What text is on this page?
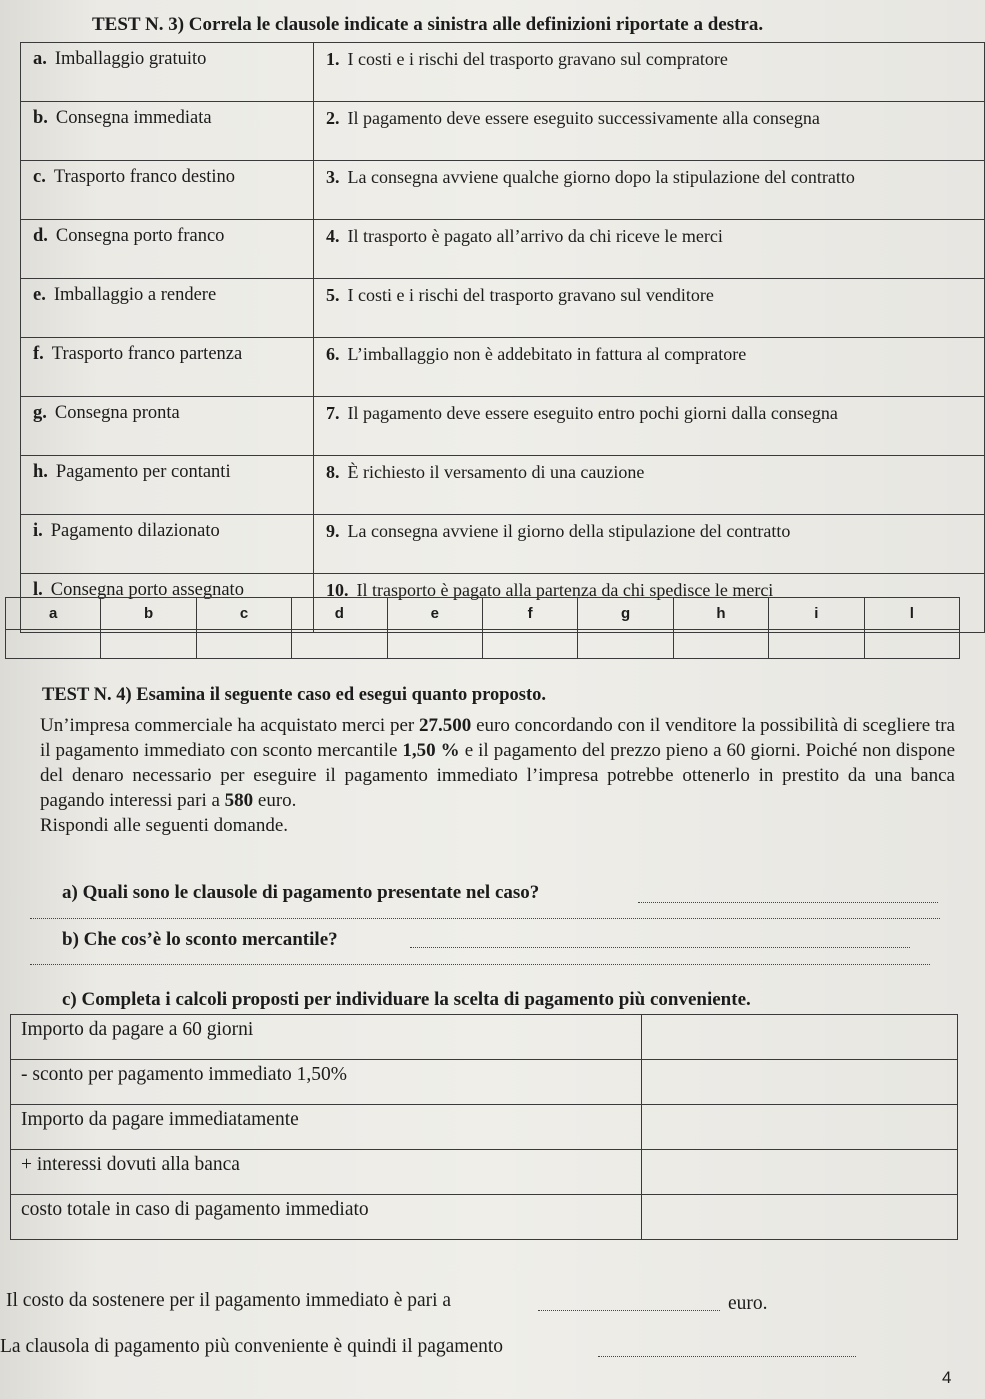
TEST N. 3) Correla le clausole indicate a sinistra alle definizioni riportate a destra.
a. Imballaggio gratuito	1. I costi e i rischi del trasporto gravano sul compratore
b. Consegna immediata	2. Il pagamento deve essere eseguito successivamente alla consegna
c. Trasporto franco destino	3. La consegna avviene qualche giorno dopo la stipulazione del contratto
d. Consegna porto franco	4. Il trasporto è pagato all’arrivo da chi riceve le merci
e. Imballaggio a rendere	5. I costi e i rischi del trasporto gravano sul venditore
f. Trasporto franco partenza	6. L’imballaggio non è addebitato in fattura al compratore
g. Consegna pronta	7. Il pagamento deve essere eseguito entro pochi giorni dalla consegna
h. Pagamento per contanti	8. È richiesto il versamento di una cauzione
i. Pagamento dilazionato	9. La consegna avviene il giorno della stipulazione del contratto
l. Consegna porto assegnato	10. Il trasporto è pagato alla partenza da chi spedisce le merci
a	b	c	d	e	f	g	h	i	l

TEST N. 4) Esamina il seguente caso ed esegui quanto proposto.
Un’impresa commerciale ha acquistato merci per 27.500 euro concordando con il venditore la possibilità di scegliere tra il pagamento immediato con sconto mercantile 1,50 % e il pagamento del prezzo pieno a 60 giorni. Poiché non dispone del denaro necessario per eseguire il pagamento immediato l’impresa potrebbe ottenerlo in prestito da una banca pagando interessi pari a 580 euro.
Rispondi alle seguenti domande.
a) Quali sono le clausole di pagamento presentate nel caso?
b) Che cos’è lo sconto mercantile?
c) Completa i calcoli proposti per individuare la scelta di pagamento più conveniente.
Importo da pagare a 60 giorni	
- sconto per pagamento immediato 1,50%	
Importo da pagare immediatamente	
+ interessi dovuti alla banca	
costo totale in caso di pagamento immediato	
Il costo da sostenere per il pagamento immediato è pari a	euro.
La clausola di pagamento più conveniente è quindi il pagamento
4
